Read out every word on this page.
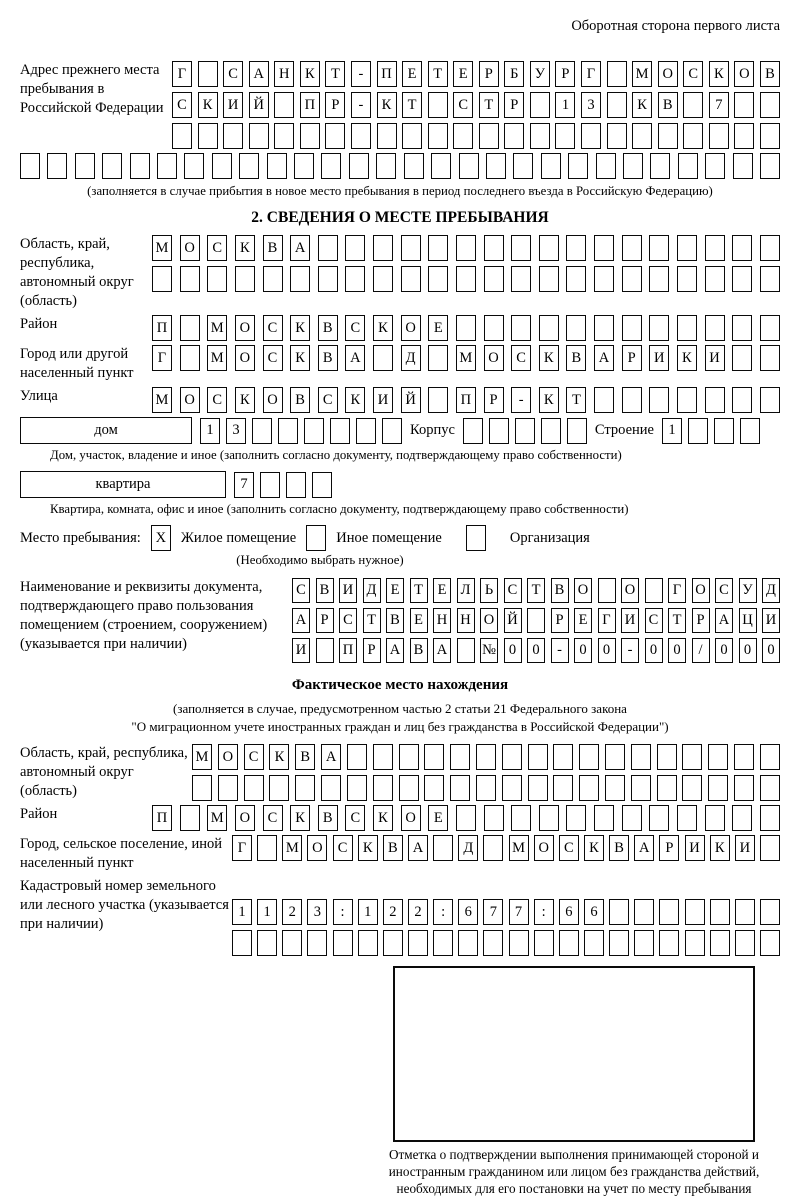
Оборотная сторона первого листа
Адрес прежнего места пребывания в Российской Федерации
Г	С	А	Н	К	Т	-	П	Е	Т	Е	Р	Б	У	Р	Г	М О	С	К	О	В
С	К	И	Й	П	Р	-	К	Т	С	Т	Р	1	3	К	В	7
(заполняется в случае прибытия в новое место пребывания в период последнего въезда в Российскую Федерацию)
2. СВЕДЕНИЯ О МЕСТЕ ПРЕБЫВАНИЯ
Область, край, республика, автономный округ (область)
М	О	С	К	В	А
Район	П	М	О	С	К	В	С	К	О	Е
Город или другой населенный пункт
Г	М	О	С	К	В	А	Д	М	О	С	К	В	А	Р	И	К	И
Улица	М	О	С	К	О	В	С	К	И	Й	П	Р	-	К	Т
дом	1	3	Корпус	Строение 1
Дом, участок, владение и иное (заполнить согласно документу, подтверждающему право собственности)
квартира	7
Квартира, комната, офис и иное (заполнить согласно документу, подтверждающему право собственности)
Место пребывания:	X	Жилое помещение	Иное помещение	Организация
(Необходимо выбрать нужное)
Наименование и реквизиты документа, подтверждающего право пользования помещением (строением, сооружением) (указывается при наличии)
С В И Д Е	Т	Е Л Ь	С Т В О	О	Г О С У Д
А Р	С Т В Е Н Н О Й	Р	Е	Г И С Т	Р А Ц И
И	П Р А В А № 0	0	-	0	0	-	0	0	/	0	0	0
Фактическое место нахождения
(заполняется в случае, предусмотренном частью 2 статьи 21 Федерального закона
"О миграционном учете иностранных граждан и лиц без гражданства в Российской Федерации")
Область, край, республика, автономный округ (область)
М О	С	К	В	А
Район	П	М	О	С	К	В	С	К	О	Е
Город, сельское поселение, иной населенный пункт
Г	М О	С	К	В	А	Д	М О	С	К	В	А	Р	И	К	И
Кадастровый номер земельного или лесного участка (указывается при наличии)
1	1	2	3	:	1	2	2	:	6	7	7	:	6	6
Отметка о подтверждении выполнения принимающей стороной и иностранным гражданином или лицом без гражданства действий, необходимых для его постановки на учет по месту пребывания
